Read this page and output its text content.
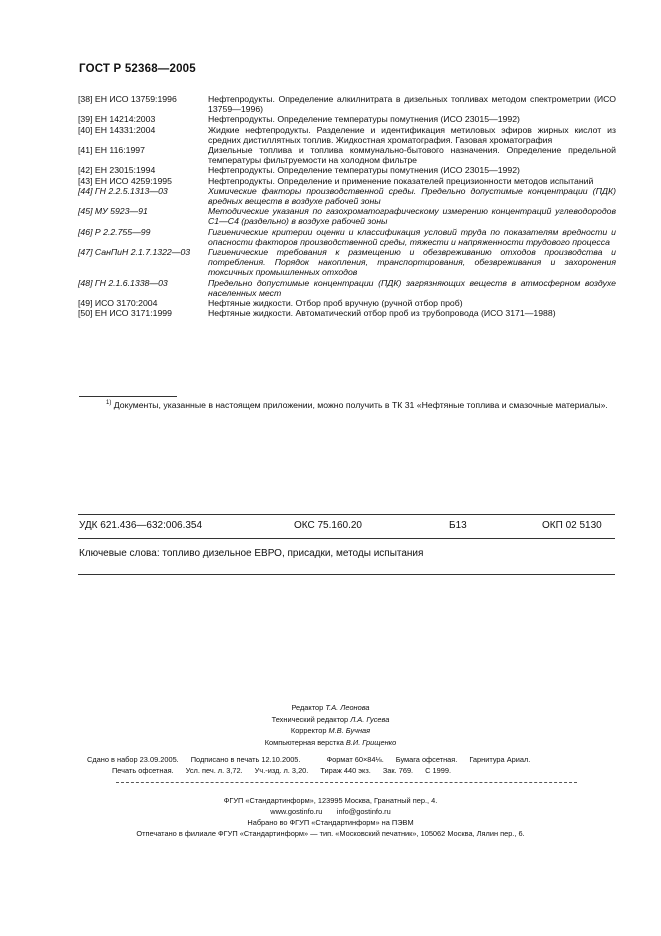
ГОСТ Р 52368—2005
[38] ЕН ИСО 13759:1996	Нефтепродукты. Определение алкилнитрата в дизельных топливах методом спектрометрии (ИСО 13759—1996)
[39] ЕН 14214:2003	Нефтепродукты. Определение температуры помутнения (ИСО 23015—1992)
[40] ЕН 14331:2004	Жидкие нефтепродукты. Разделение и идентификация метиловых эфиров жирных кислот из средних дистиллятных топлив. Жидкостная хроматография. Газовая хроматография
[41] ЕН 116:1997	Дизельные топлива и топлива коммунально-бытового назначения. Определение предельной температуры фильтруемости на холодном фильтре
[42] ЕН 23015:1994	Нефтепродукты. Определение температуры помутнения (ИСО 23015—1992)
[43] ЕН ИСО 4259:1995	Нефтепродукты. Определение и применение показателей прецизионности методов испытаний
[44] ГН 2.2.5.1313—03	Химические факторы производственной среды. Предельно допустимые концентрации (ПДК) вредных веществ в воздухе рабочей зоны
[45] МУ 5923—91	Методические указания по газохроматографическому измерению концентраций углеводородов С1—С4 (раздельно) в воздухе рабочей зоны
[46] Р 2.2.755—99	Гигиенические критерии оценки и классификация условий труда по показателям вредности и опасности факторов производственной среды, тяжести и напряженности трудового процесса
[47] СанПиН 2.1.7.1322—03	Гигиенические требования к размещению и обезвреживанию отходов производства и потребления. Порядок накопления, транспортирования, обезвреживания и захоронения токсичных промышленных отходов
[48] ГН 2.1.6.1338—03	Предельно допустимые концентрации (ПДК) загрязняющих веществ в атмосферном воздухе населенных мест
[49] ИСО 3170:2004	Нефтяные жидкости. Отбор проб вручную (ручной отбор проб)
[50] ЕН ИСО 3171:1999	Нефтяные жидкости. Автоматический отбор проб из трубопровода (ИСО 3171—1988)
$^{1)}$ Документы, указанные в настоящем приложении, можно получить в ТК 31 «Нефтяные топлива и смазочные материалы».
УДК 621.436—632:006.354	ОКС 75.160.20	Б13	ОКП 02 5130
Ключевые слова: топливо дизельное ЕВРО, присадки, методы испытания
Редактор Т.А. Леонова
Технический редактор Л.А. Гусева
Корректор М.В. Бучная
Компьютерная верстка В.И. Грищенко
Сдано в набор 23.09.2005. Подписано в печать 12.10.2005.	Формат 60×84⅛. Бумага офсетная. Гарнитура Ариал.
Печать офсетная. Усл. печ. л. 3,72. Уч.-изд. л. 3,20. Тираж 440 экз. Зак. 769. С 1999.
ФГУП «Стандартинформ», 123995 Москва, Гранатный пер., 4.
www.gostinfo.ru info@gostinfo.ru
Набрано во ФГУП «Стандартинформ» на ПЭВМ
Отпечатано в филиале ФГУП «Стандартинформ» — тип. «Московский печатник», 105062 Москва, Лялин пер., 6.
